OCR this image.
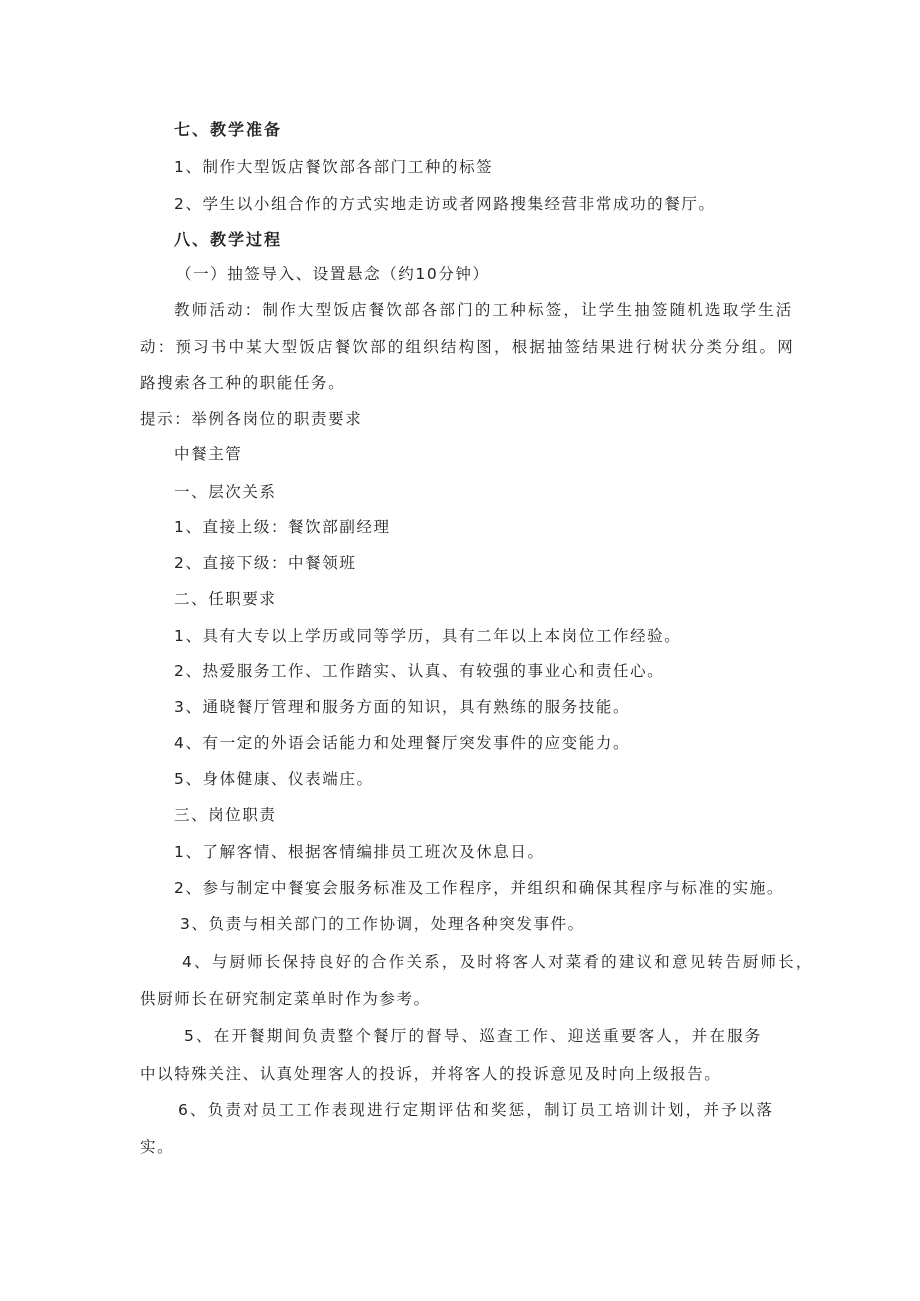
七、教学准备
1、制作大型饭店餐饮部各部门工种的标签
2、学生以小组合作的方式实地走访或者网路搜集经营非常成功的餐厅。
八、教学过程
（一）抽签导入、设置悬念（约10分钟）
教师活动：制作大型饭店餐饮部各部门的工种标签，让学生抽签随机选取学生活
动：预习书中某大型饭店餐饮部的组织结构图，根据抽签结果进行树状分类分组。网
路搜索各工种的职能任务。
提示：举例各岗位的职责要求
中餐主管
一、层次关系
1、直接上级：餐饮部副经理
2、直接下级：中餐领班
二、任职要求
1、具有大专以上学历或同等学历，具有二年以上本岗位工作经验。
2、热爱服务工作、工作踏实、认真、有较强的事业心和责任心。
3、通晓餐厅管理和服务方面的知识，具有熟练的服务技能。
4、有一定的外语会话能力和处理餐厅突发事件的应变能力。
5、身体健康、仪表端庄。
三、岗位职责
1、了解客情、根据客情编排员工班次及休息日。
2、参与制定中餐宴会服务标准及工作程序，并组织和确保其程序与标准的实施。
3、负责与相关部门的工作协调，处理各种突发事件。
4、与厨师长保持良好的合作关系，及时将客人对菜肴的建议和意见转告厨师长，
供厨师长在研究制定菜单时作为参考。
5、在开餐期间负责整个餐厅的督导、巡查工作、迎送重要客人，并在服务
中以特殊关注、认真处理客人的投诉，并将客人的投诉意见及时向上级报告。
6、负责对员工工作表现进行定期评估和奖惩，制订员工培训计划，并予以落
实。
